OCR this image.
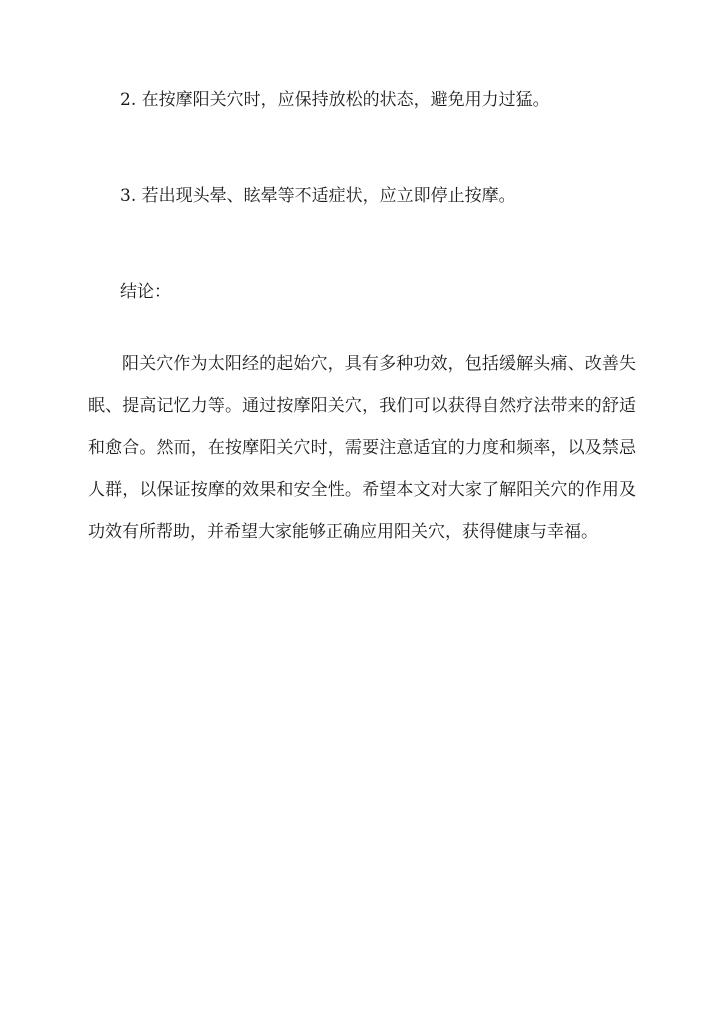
2. 在按摩阳关穴时，应保持放松的状态，避免用力过猛。
3. 若出现头晕、眩晕等不适症状，应立即停止按摩。
结论：

阳关穴作为太阳经的起始穴，具有多种功效，包括缓解头痛、改善失眠、提高记忆力等。通过按摩阳关穴，我们可以获得自然疗法带来的舒适和愈合。然而，在按摩阳关穴时，需要注意适宜的力度和频率，以及禁忌人群，以保证按摩的效果和安全性。希望本文对大家了解阳关穴的作用及功效有所帮助，并希望大家能够正确应用阳关穴，获得健康与幸福。
